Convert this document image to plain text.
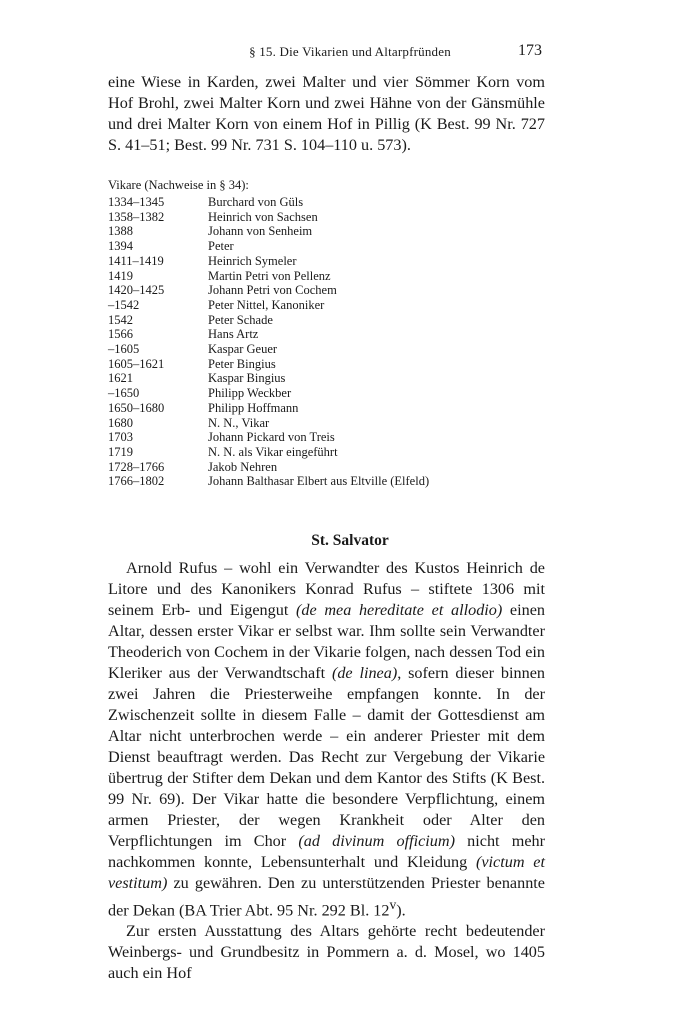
§ 15. Die Vikarien und Altarpfründen	173

eine Wiese in Karden, zwei Malter und vier Sömmer Korn vom Hof Brohl, zwei Malter Korn und zwei Hähne von der Gänsmühle und drei Malter Korn von einem Hof in Pillig (K Best. 99 Nr. 727 S. 41–51; Best. 99 Nr. 731 S. 104–110 u. 573).

Vikare (Nachweise in § 34):

1334–1345	Burchard von Güls
1358–1382	Heinrich von Sachsen
1388	Johann von Senheim
1394	Peter
1411–1419	Heinrich Symeler
1419	Martin Petri von Pellenz
1420–1425	Johann Petri von Cochem
–1542	Peter Nittel, Kanoniker
1542	Peter Schade
1566	Hans Artz
–1605	Kaspar Geuer
1605–1621	Peter Bingius
1621	Kaspar Bingius
–1650	Philipp Weckber
1650–1680	Philipp Hoffmann
1680	N. N., Vikar
1703	Johann Pickard von Treis
1719	N. N. als Vikar eingeführt
1728–1766	Jakob Nehren
1766–1802	Johann Balthasar Elbert aus Eltville (Elfeld)
St. Salvator

Arnold Rufus – wohl ein Verwandter des Kustos Heinrich de Litore und des Kanonikers Konrad Rufus – stiftete 1306 mit seinem Erb- und Eigengut (de mea hereditate et allodio) einen Altar, dessen erster Vikar er selbst war. Ihm sollte sein Verwandter Theoderich von Cochem in der Vikarie folgen, nach dessen Tod ein Kleriker aus der Verwandtschaft (de linea), sofern dieser binnen zwei Jahren die Priesterweihe empfangen konnte. In der Zwischenzeit sollte in diesem Falle – damit der Gottesdienst am Altar nicht unterbrochen werde – ein anderer Priester mit dem Dienst beauftragt werden. Das Recht zur Vergebung der Vikarie übertrug der Stifter dem Dekan und dem Kantor des Stifts (K Best. 99 Nr. 69). Der Vikar hatte die besondere Verpflichtung, einem armen Priester, der wegen Krankheit oder Alter den Verpflichtungen im Chor (ad divinum officium) nicht mehr nachkommen konnte, Lebensunterhalt und Kleidung (victum et vestitum) zu gewähren. Den zu unterstützenden Priester benannte der Dekan (BA Trier Abt. 95 Nr. 292 Bl. 12$^v$).

Zur ersten Ausstattung des Altars gehörte recht bedeutender Weinbergs- und Grundbesitz in Pommern a. d. Mosel, wo 1405 auch ein Hof
